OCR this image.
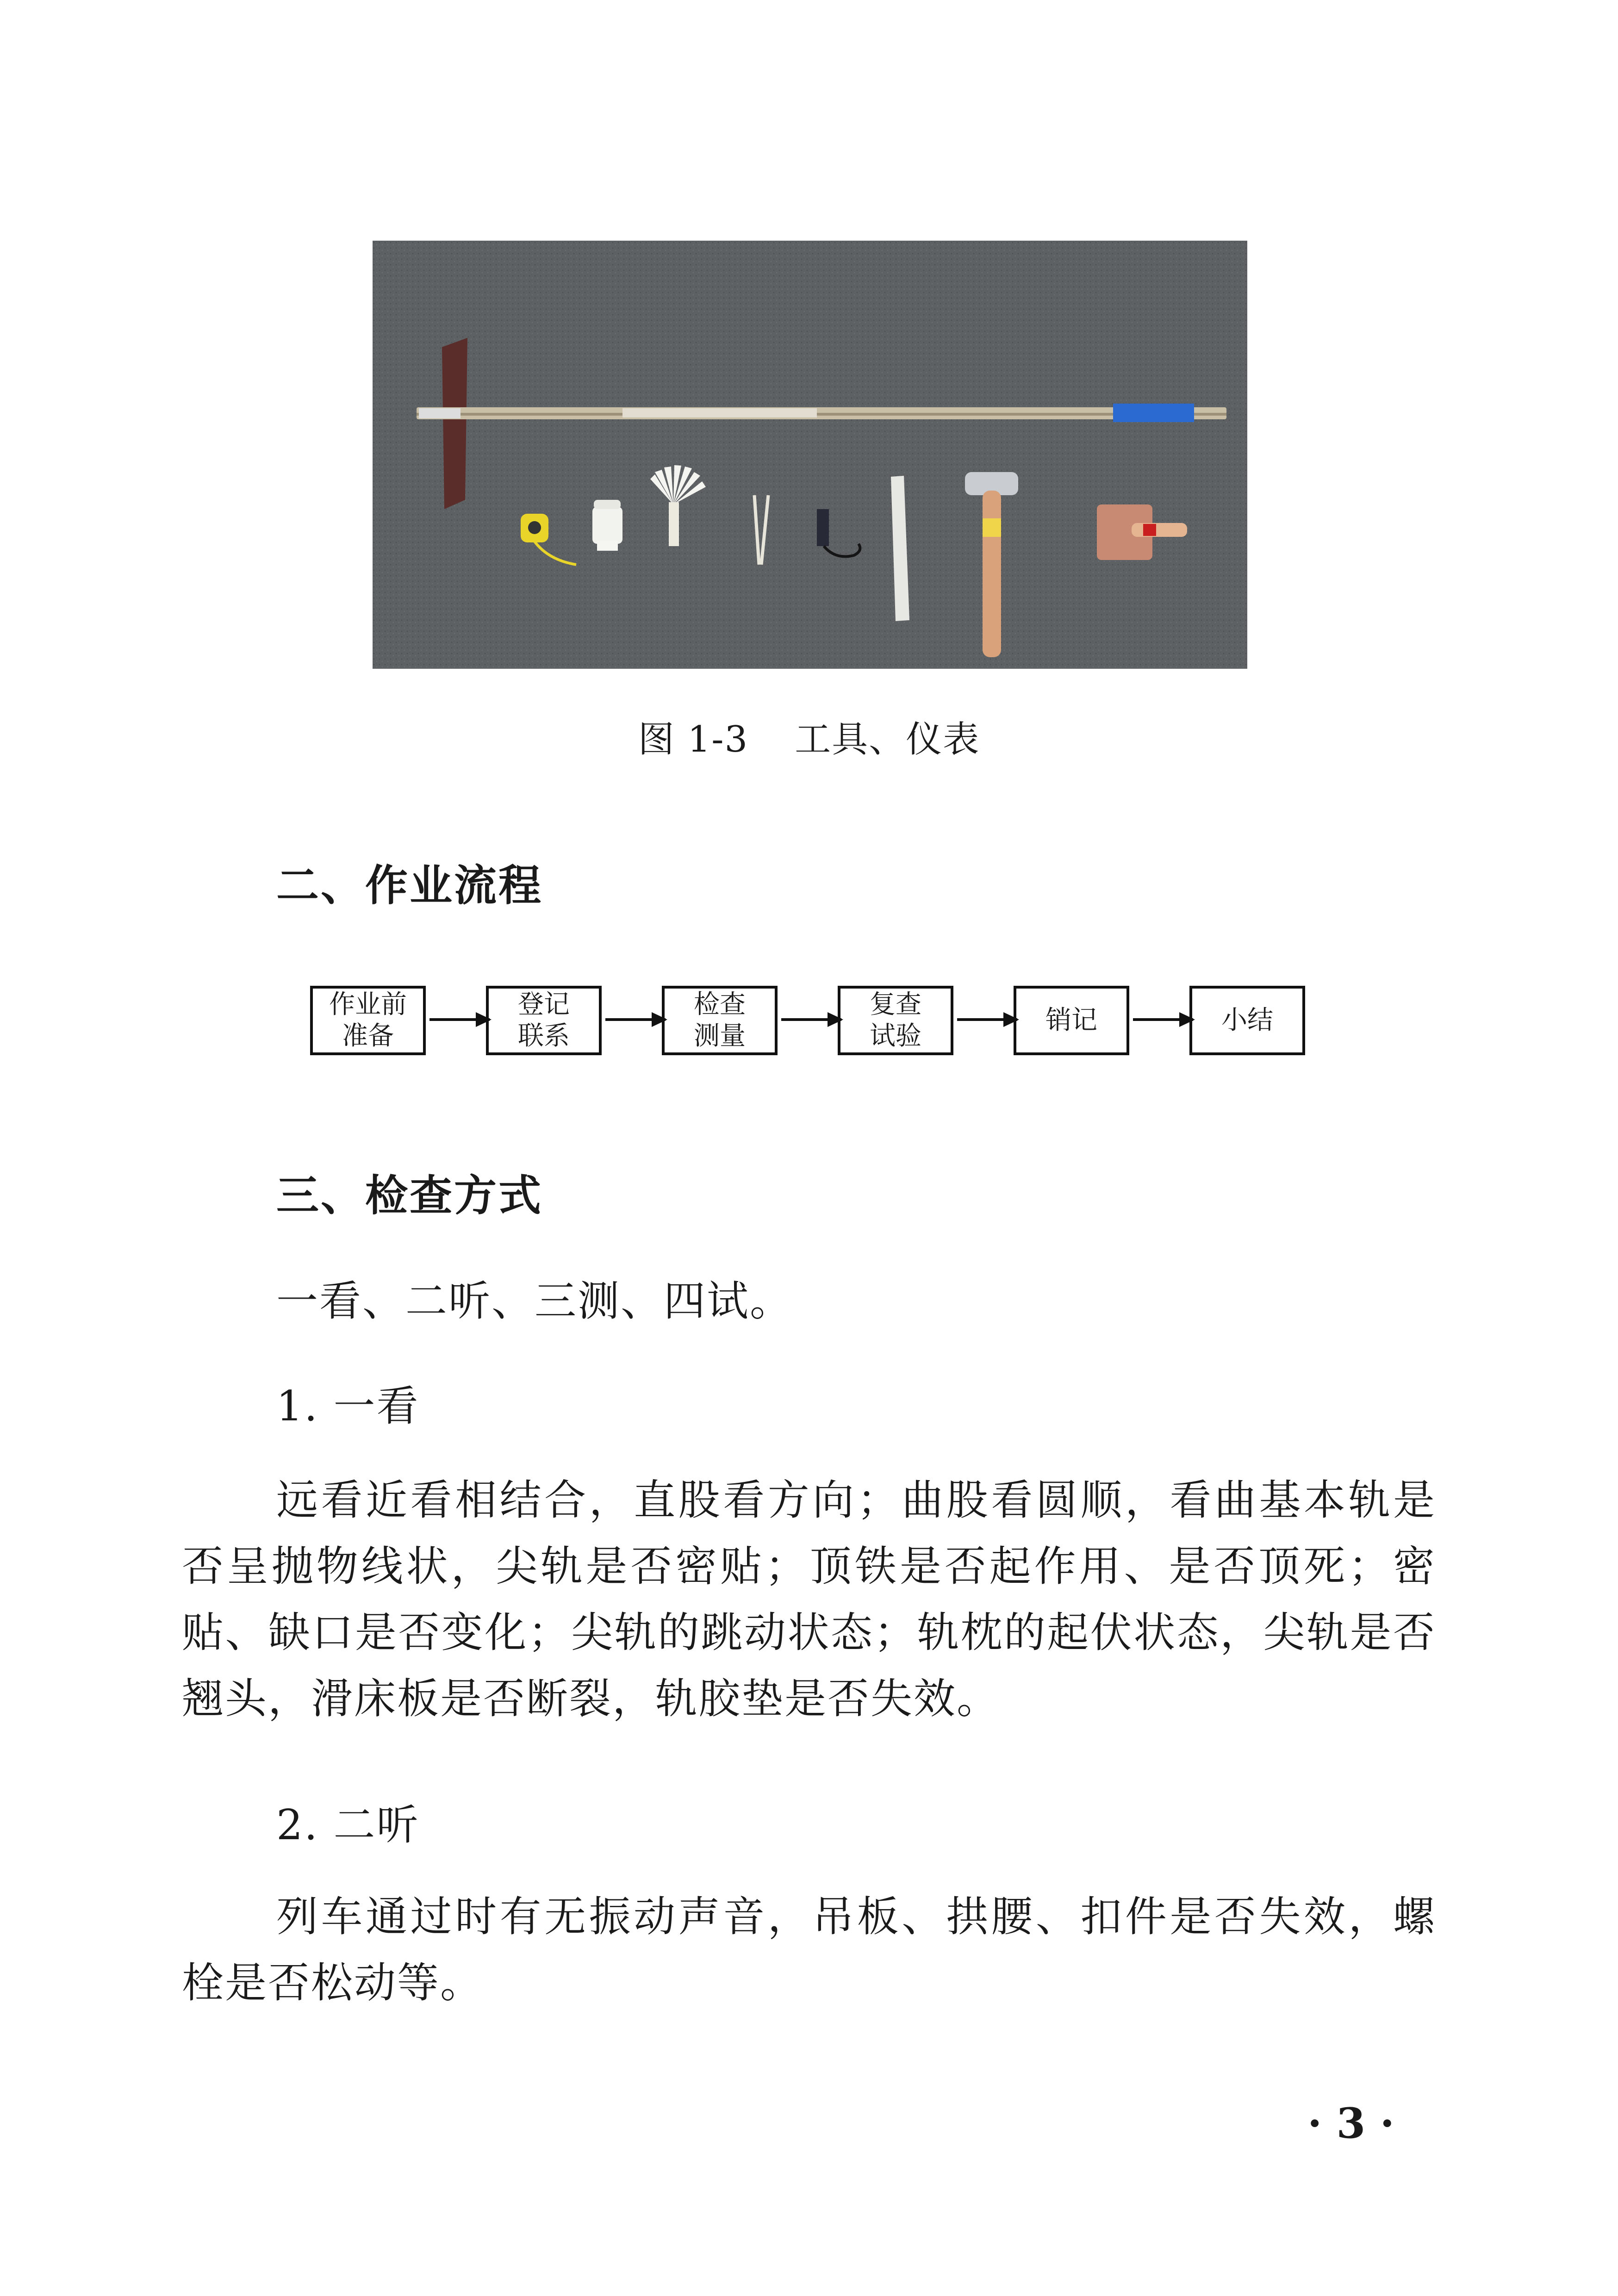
图 1-3 工具、仪表
二、作业流程
作业前
准备
登记
联系
检查
测量
复查
试验
销记	小结
三、检查方式

一看、二听、三测、四试。

1. 一看

远看近看相结合，直股看方向；曲股看圆顺，看曲基本轨是否呈抛物线状，尖轨是否密贴；顶铁是否起作用、是否顶死；密贴、缺口是否变化；尖轨的跳动状态；轨枕的起伏状态，尖轨是否翘头，滑床板是否断裂，轨胶垫是否失效。

2. 二听

列车通过时有无振动声音，吊板、拱腰、扣件是否失效，螺栓是否松动等。

· 3 ·
